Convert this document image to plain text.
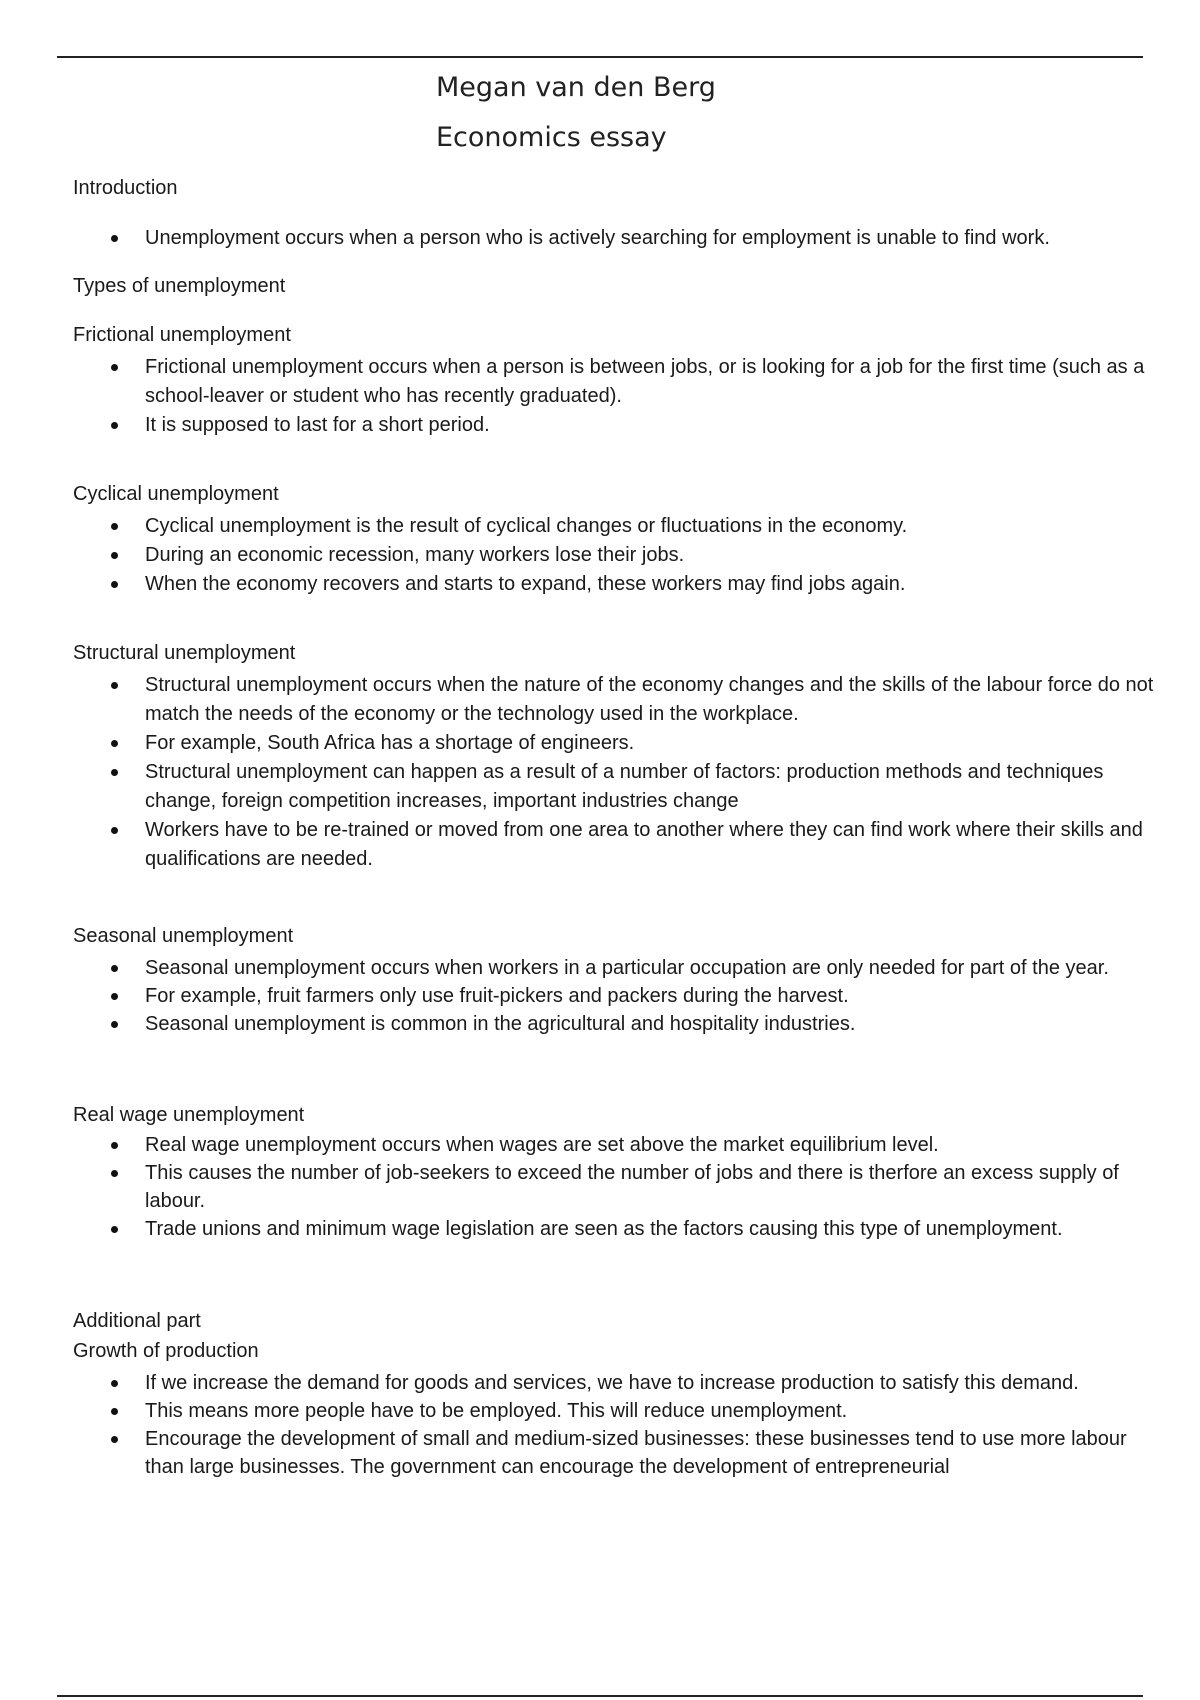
Megan van den Berg
Economics essay
Introduction
Unemployment occurs when a person who is actively searching for employment is unable to find work.
Types of unemployment
Frictional unemployment
Frictional unemployment occurs when a person is between jobs, or is looking for a job for the first time (such as a school-leaver or student who has recently graduated).
It is supposed to last for a short period.
Cyclical unemployment
Cyclical unemployment is the result of cyclical changes or fluctuations in the economy.
During an economic recession, many workers lose their jobs.
When the economy recovers and starts to expand, these workers may find jobs again.
Structural unemployment
Structural unemployment occurs when the nature of the economy changes and the skills of the labour force do not match the needs of the economy or the technology used in the workplace.
For example, South Africa has a shortage of engineers.
Structural unemployment can happen as a result of a number of factors: production methods and techniques change, foreign competition increases, important industries change
Workers have to be re-trained or moved from one area to another where they can find work where their skills and qualifications are needed.
Seasonal unemployment
Seasonal unemployment occurs when workers in a particular occupation are only needed for part of the year.
For example, fruit farmers only use fruit-pickers and packers during the harvest.
Seasonal unemployment is common in the agricultural and hospitality industries.
Real wage unemployment
Real wage unemployment occurs when wages are set above the market equilibrium level.
This causes the number of job-seekers to exceed the number of jobs and there is therfore an excess supply of labour.
Trade unions and minimum wage legislation are seen as the factors causing this type of unemployment.
Additional part
Growth of production
If we increase the demand for goods and services, we have to increase production to satisfy this demand.
This means more people have to be employed. This will reduce unemployment.
Encourage the development of small and medium-sized businesses: these businesses tend to use more labour than large businesses. The government can encourage the development of entrepreneurial
